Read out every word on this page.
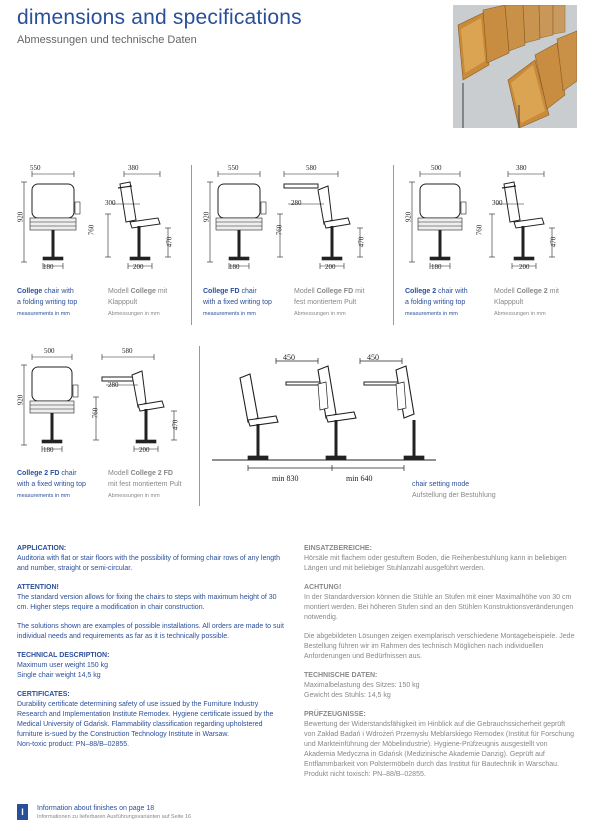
dimensions and specifications
Abmessungen und technische Daten
550
920
180
380
300
760
470
200
College chair with
a folding writing top
measurements in mm
Modell College mit
Klapppult
Abmessungen in mm
550
920
180
580
280
760
470
200
College FD chair
with a fixed writing top
measurements in mm
Modell College FD mit
fest montiertem Pult
Abmessungen in mm
500
920
180
380
300
760
470
200
College 2 chair with
a folding writing top
measurements in mm
Modell College 2 mit
Klapppult
Abmessungen in mm
500
920
180
580
280
760
470
200
College 2 FD chair
with a fixed writing top
measurements in mm
Modell College 2 FD
mit fest montiertem Pult
Abmessungen in mm
450	450
min 830	min 640
chair setting mode
Aufstellung der Bestuhlung
APPLICATION:
Auditoria with flat or stair floors with the possibility of forming chair rows of any length and number, straight or semi-circular.
ATTENTION!
The standard version allows for fixing the chairs to steps with maximum height of 30 cm. Higher steps require a modification in chair construction.
The solutions shown are examples of possible installations. All orders are made to suit individual needs and requirements as far as it is technically possible.
TECHNICAL DESCRIPTION:
Maximum user weight 150 kg
Single chair weight 14,5 kg
CERTIFICATES:
Durability certificate determining safety of use issued by the Furniture Industry Research and Implementation Institute Remodex. Hygiene certificate issued by the Medical University of Gdańsk. Flammability classification regarding upholstered furniture is-sued by the Construction Technology Institute in Warsaw.
Non-toxic product: PN–88/B–02855.
EINSATZBEREICHE:
Hörsäle mit flachem oder gestuftem Boden, die Reihenbestuhlung kann in beliebigen Längen und mit beliebiger Stuhlanzahl ausgeführt werden.
ACHTUNG!
In der Standardversion können die Stühle an Stufen mit einer Maximalhöhe von 30 cm montiert werden. Bei höheren Stufen sind an den Stühlen Konstruktionsveränderungen notwendig.
Die abgebildeten Lösungen zeigen exemplarisch verschiedene Montagebeispiele. Jede Bestellung führen wir im Rahmen des technisch Möglichen nach individuellen Anforderungen und Bedürfnissen aus.
TECHNISCHE DATEN:
Maximalbelastung des Sitzes: 150 kg
Gewicht des Stuhls: 14,5 kg
PRÜFZEUGNISSE:
Bewertung der Widerstandsfähigkeit im Hinblick auf die Gebrauchssicherheit geprüft von Zakład Badań i Wdrożeń Przemysłu Meblarskiego Remodex (Institut für Forschung und Markteinführung der Möbelindustrie). Hygiene-Prüfzeugnis ausgestellt von Akademia Medyczna in Gdańsk (Medizinische Akademie Danzig). Geprüft auf Entflammbarkeit von Polstermöbeln durch das Institut für Bautechnik in Warschau.
Produkt nicht toxisch: PN–88/B–02855.
I	Information about finishes on page 18
Informationen zu lieferbaren Ausführungsvarianten auf Seite 16
